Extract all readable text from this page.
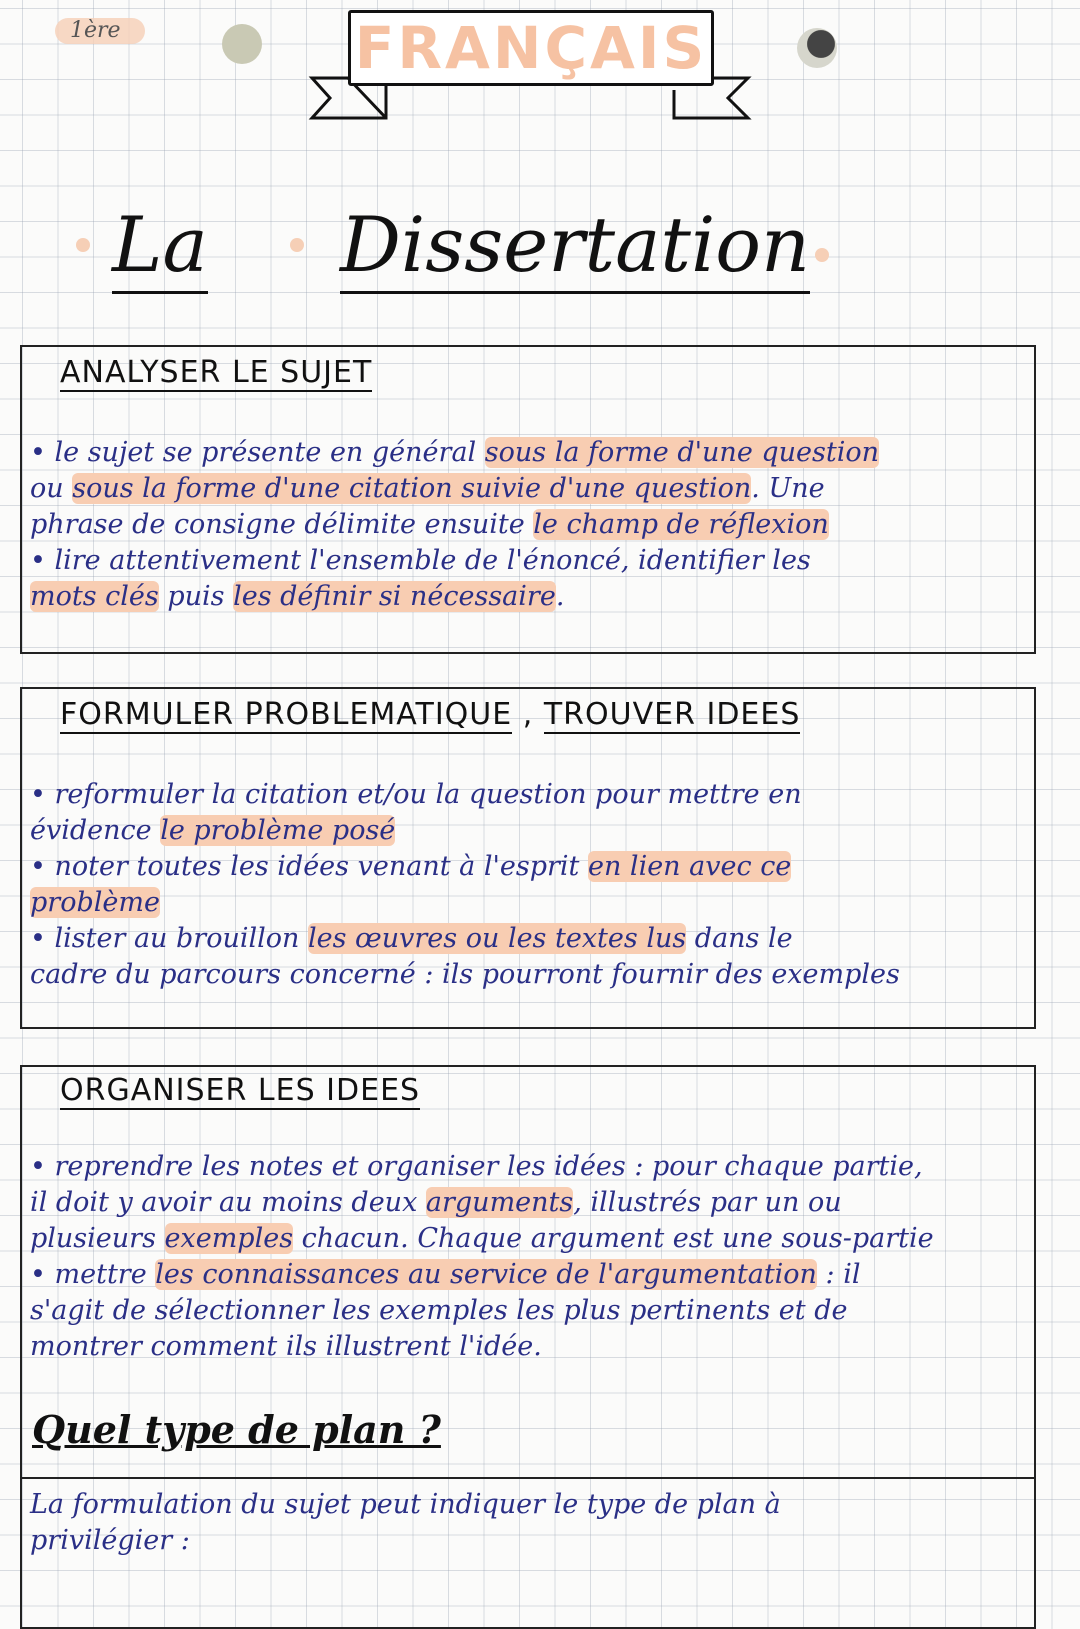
1ère	FRANÇAIS
La Dissertation
ANALYSER LE SUJET
• le sujet se présente en général sous la forme d'une question
ou sous la forme d'une citation suivie d'une question. Une
phrase de consigne délimite ensuite le champ de réflexion
• lire attentivement l'ensemble de l'énoncé, identifier les
mots clés puis les définir si nécessaire.
FORMULER PROBLEMATIQUE , TROUVER IDEES
• reformuler la citation et/ou la question pour mettre en
évidence le problème posé
• noter toutes les idées venant à l'esprit en lien avec ce
problème
• lister au brouillon les œuvres ou les textes lus dans le
cadre du parcours concerné : ils pourront fournir des exemples
ORGANISER LES IDEES
• reprendre les notes et organiser les idées : pour chaque partie,
il doit y avoir au moins deux arguments, illustrés par un ou
plusieurs exemples chacun. Chaque argument est une sous-partie
• mettre les connaissances au service de l'argumentation : il
s'agit de sélectionner les exemples les plus pertinents et de
montrer comment ils illustrent l'idée.
Quel type de plan ?
La formulation du sujet peut indiquer le type de plan à
privilégier :
